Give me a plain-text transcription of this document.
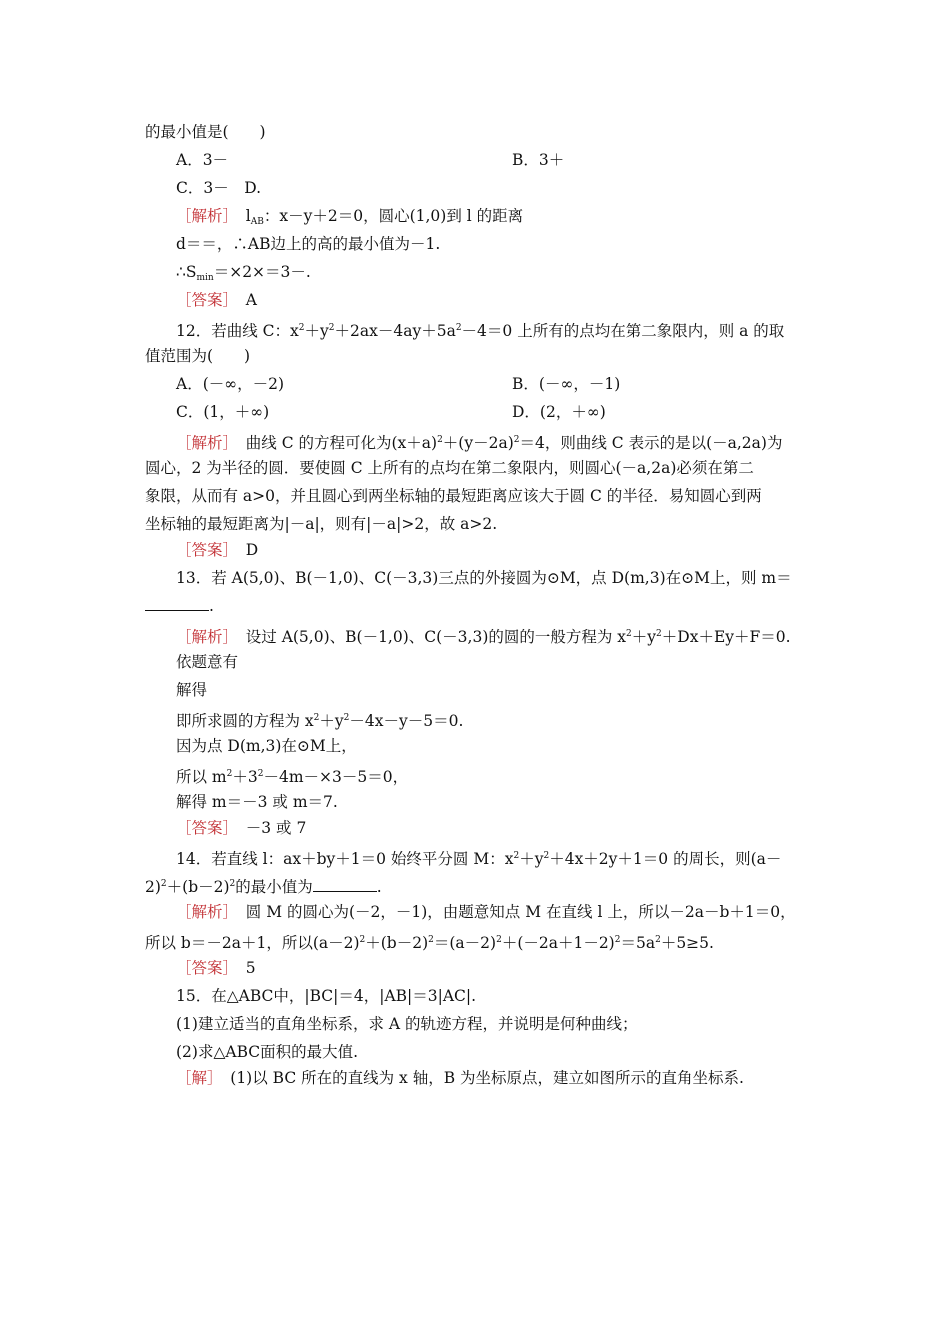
的最小值是(　　)
A．3－	B．3＋
C．3－　D.
［解析］　$l_{AB}$：x－y＋2＝0，圆心(1,0)到 l 的距离
d＝＝，∴AB边上的高的最小值为－1.
$\therefore S_{min}=\times 2\times=3-$.
［答案］　A
12．若曲线 C：$x^2+y^2+2ax-4ay+5a^2-4=0$ 上所有的点均在第二象限内，则 a 的取
值范围为(　　)
A．(－∞，－2)	B．(－∞，－1)
C．(1，＋∞)	D．(2，＋∞)
［解析］　曲线 C 的方程可化为$(x+a)^2+(y-2a)^2=4$，则曲线 C 表示的是以(－a,2a)为
圆心，2 为半径的圆．要使圆 C 上所有的点均在第二象限内，则圆心(－a,2a)必须在第二
象限，从而有 a>0，并且圆心到两坐标轴的最短距离应该大于圆 C 的半径．易知圆心到两
坐标轴的最短距离为|－a|，则有|－a|>2，故 a>2.
［答案］　D
13．若 A(5,0)、B(－1,0)、C(－3,3)三点的外接圆为⊙M，点 D(m,3)在⊙M上，则 m＝
.
［解析］　设过 A(5,0)、B(－1,0)、C(－3,3)的圆的一般方程为 $x^2+y^2+Dx+Ey+F=0$.
依题意有
解得
即所求圆的方程为 $x^2+y^2-4x-y-5=0$.
因为点 D(m,3)在⊙M上，
所以 $m^2+3^2-4m-\times 3-5=0$，
解得 m＝－3 或 m＝7.
［答案］　－3 或 7
14．若直线 l：ax＋by＋1＝0 始终平分圆 M：$x^2+y^2+4x+2y+1=0$ 的周长，则(a－
$2)^2+(b-2)^2$的最小值为	.
［解析］　圆 M 的圆心为(－2，－1)，由题意知点 M 在直线 l 上，所以－2a－b＋1＝0，
所以 b＝－2a＋1，所以$(a-2)^2+(b-2)^2=(a-2)^2+(-2a+1-2)^2=5a^2+5\ge 5$.
［答案］　5
15．在△ABC中，|BC|＝4，|AB|＝3|AC|.
(1)建立适当的直角坐标系，求 A 的轨迹方程，并说明是何种曲线；
(2)求△ABC面积的最大值.
［解］　(1)以 BC 所在的直线为 x 轴，B 为坐标原点，建立如图所示的直角坐标系.
